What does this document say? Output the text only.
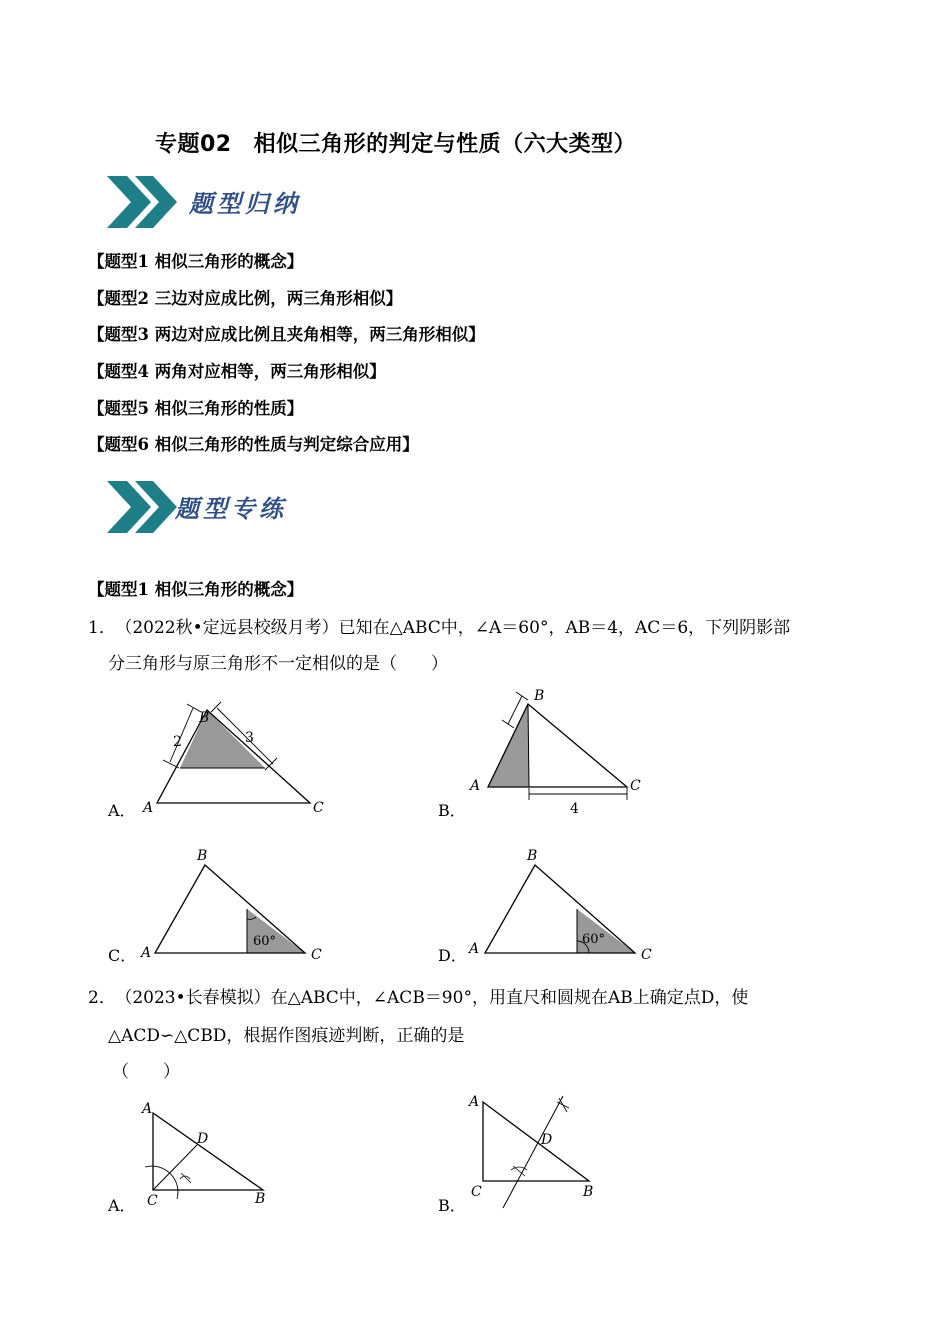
专题02 相似三角形的判定与性质（六大类型）
题型归纳
【题型1 相似三角形的概念】
【题型2 三边对应成比例，两三角形相似】
【题型3 两边对应成比例且夹角相等，两三角形相似】
【题型4 两角对应相等，两三角形相似】
【题型5 相似三角形的性质】
【题型6 相似三角形的性质与判定综合应用】
题型专练
【题型1 相似三角形的概念】
1． （2022秋•定远县校级月考）已知在△ABC中，∠A＝60°，AB＝4，AC＝6，下列阴影部
分三角形与原三角形不一定相似的是（　　）
A．
2	3
B
A	C	B．	4
B
A	C
C．
60°
B
A	C	D．
60°
B
A	C
2． （2023•长春模拟）在△ABC中，∠ACB＝90°，用直尺和圆规在AB上确定点D，使
△ACD∽△CBD，根据作图痕迹判断，正确的是
（　　）
A．
A
D
C	B	B．
A
D
C	B
